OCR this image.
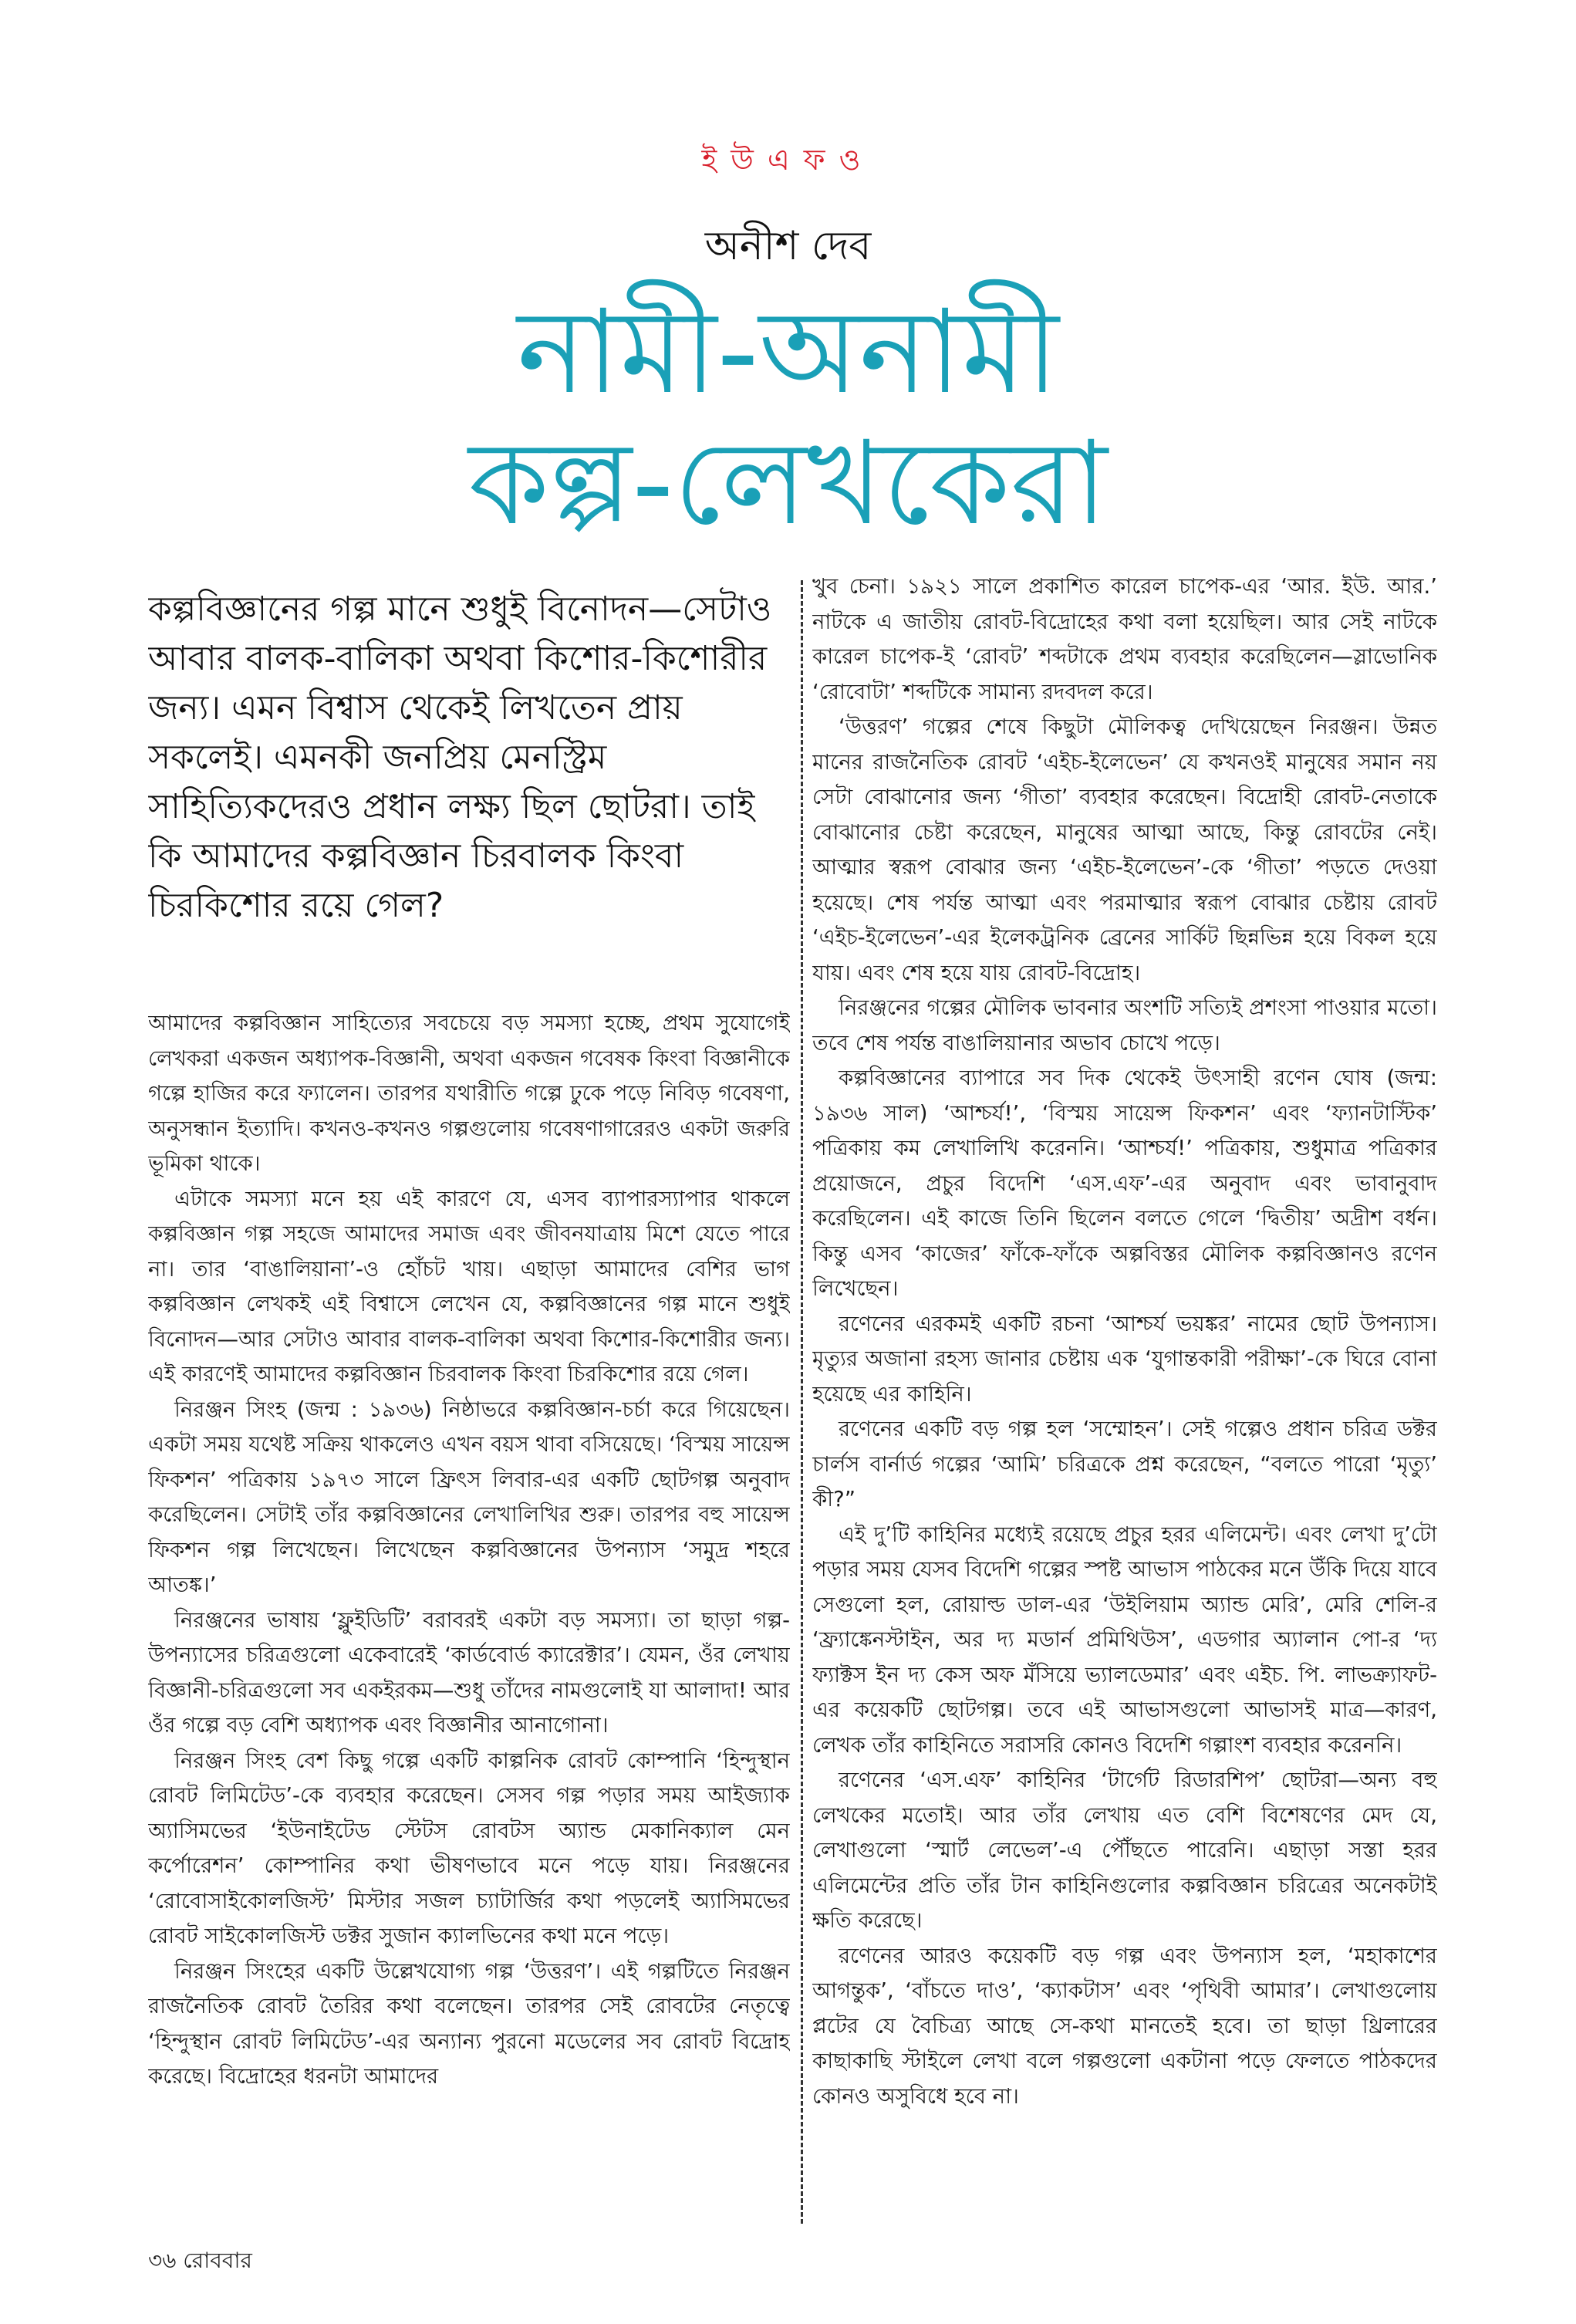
ইউএফও
অনীশ দেব
নামী-অনামী
কল্প-লেখকেরা
কল্পবিজ্ঞানের গল্প মানে শুধুই বিনোদন—সেটাও আবার বালক-বালিকা অথবা কিশোর-কিশোরীর জন্য। এমন বিশ্বাস থেকেই লিখতেন প্রায় সকলেই। এমনকী জনপ্রিয় মেনস্ট্রিম সাহিত্যিকদেরও প্রধান লক্ষ্য ছিল ছোটরা। তাই কি আমাদের কল্পবিজ্ঞান চিরবালক কিংবা চিরকিশোর রয়ে গেল?

আমাদের কল্পবিজ্ঞান সাহিত্যের সবচেয়ে বড় সমস্যা হচ্ছে, প্রথম সুযোগেই লেখকরা একজন অধ্যাপক-বিজ্ঞানী, অথবা একজন গবেষক কিংবা বিজ্ঞানীকে গল্পে হাজির করে ফ্যালেন। তারপর যথারীতি গল্পে ঢুকে পড়ে নিবিড় গবেষণা, অনুসন্ধান ইত্যাদি। কখনও-কখনও গল্পগুলোয় গবেষণাগারেরও একটা জরুরি ভূমিকা থাকে।

এটাকে সমস্যা মনে হয় এই কারণে যে, এসব ব্যাপারস্যাপার থাকলে কল্পবিজ্ঞান গল্প সহজে আমাদের সমাজ এবং জীবনযাত্রায় মিশে যেতে পারে না। তার ‘বাঙালিয়ানা’-ও হোঁচট খায়। এছাড়া আমাদের বেশির ভাগ কল্পবিজ্ঞান লেখকই এই বিশ্বাসে লেখেন যে, কল্পবিজ্ঞানের গল্প মানে শুধুই বিনোদন—আর সেটাও আবার বালক-বালিকা অথবা কিশোর-কিশোরীর জন্য। এই কারণেই আমাদের কল্পবিজ্ঞান চিরবালক কিংবা চিরকিশোর রয়ে গেল।

নিরঞ্জন সিংহ (জন্ম : ১৯৩৬) নিষ্ঠাভরে কল্পবিজ্ঞান-চর্চা করে গিয়েছেন। একটা সময় যথেষ্ট সক্রিয় থাকলেও এখন বয়স থাবা বসিয়েছে। ‘বিস্ময় সায়েন্স ফিকশন’ পত্রিকায় ১৯৭৩ সালে ফ্রিৎস লিবার-এর একটি ছোটগল্প অনুবাদ করেছিলেন। সেটাই তাঁর কল্পবিজ্ঞানের লেখালিখির শুরু। তারপর বহু সায়েন্স ফিকশন গল্প লিখেছেন। লিখেছেন কল্পবিজ্ঞানের উপন্যাস ‘সমুদ্র শহরে আতঙ্ক।’

নিরঞ্জনের ভাষায় ‘ফ্লুইডিটি’ বরাবরই একটা বড় সমস্যা। তা ছাড়া গল্প-উপন্যাসের চরিত্রগুলো একেবারেই ‘কার্ডবোর্ড ক্যারেক্টার’। যেমন, ওঁর লেখায় বিজ্ঞানী-চরিত্রগুলো সব একইরকম—শুধু তাঁদের নামগুলোই যা আলাদা! আর ওঁর গল্পে বড় বেশি অধ্যাপক এবং বিজ্ঞানীর আনাগোনা।

নিরঞ্জন সিংহ বেশ কিছু গল্পে একটি কাল্পনিক রোবট কোম্পানি ‘হিন্দুস্থান রোবট লিমিটেড’-কে ব্যবহার করেছেন। সেসব গল্প পড়ার সময় আইজ্যাক অ্যাসিমভের ‘ইউনাইটেড স্টেটস রোবটস অ্যান্ড মেকানিক্যাল মেন কর্পোরেশন’ কোম্পানির কথা ভীষণভাবে মনে পড়ে যায়। নিরঞ্জনের ‘রোবোসাইকোলজিস্ট’ মিস্টার সজল চ্যাটার্জির কথা পড়লেই অ্যাসিমভের রোবট সাইকোলজিস্ট ডক্টর সুজান ক্যালভিনের কথা মনে পড়ে।

নিরঞ্জন সিংহের একটি উল্লেখযোগ্য গল্প ‘উত্তরণ’। এই গল্পটিতে নিরঞ্জন রাজনৈতিক রোবট তৈরির কথা বলেছেন। তারপর সেই রোবটের নেতৃত্বে ‘হিন্দুস্থান রোবট লিমিটেড’-এর অন্যান্য পুরনো মডেলের সব রোবট বিদ্রোহ করেছে। বিদ্রোহের ধরনটা আমাদের

খুব চেনা। ১৯২১ সালে প্রকাশিত কারেল চাপেক-এর ‘আর. ইউ. আর.’ নাটকে এ জাতীয় রোবট-বিদ্রোহের কথা বলা হয়েছিল। আর সেই নাটকে কারেল চাপেক-ই ‘রোবট’ শব্দটাকে প্রথম ব্যবহার করেছিলেন—স্লাভোনিক ‘রোবোটা’ শব্দটিকে সামান্য রদবদল করে।

‘উত্তরণ’ গল্পের শেষে কিছুটা মৌলিকত্ব দেখিয়েছেন নিরঞ্জন। উন্নত মানের রাজনৈতিক রোবট ‘এইচ-ইলেভেন’ যে কখনওই মানুষের সমান নয় সেটা বোঝানোর জন্য ‘গীতা’ ব্যবহার করেছেন। বিদ্রোহী রোবট-নেতাকে বোঝানোর চেষ্টা করেছেন, মানুষের আত্মা আছে, কিন্তু রোবটের নেই। আত্মার স্বরূপ বোঝার জন্য ‘এইচ-ইলেভেন’-কে ‘গীতা’ পড়তে দেওয়া হয়েছে। শেষ পর্যন্ত আত্মা এবং পরমাত্মার স্বরূপ বোঝার চেষ্টায় রোবট ‘এইচ-ইলেভেন’-এর ইলেকট্রনিক ব্রেনের সার্কিট ছিন্নভিন্ন হয়ে বিকল হয়ে যায়। এবং শেষ হয়ে যায় রোবট-বিদ্রোহ।

নিরঞ্জনের গল্পের মৌলিক ভাবনার অংশটি সত্যিই প্রশংসা পাওয়ার মতো। তবে শেষ পর্যন্ত বাঙালিয়ানার অভাব চোখে পড়ে।

কল্পবিজ্ঞানের ব্যাপারে সব দিক থেকেই উৎসাহী রণেন ঘোষ (জন্ম: ১৯৩৬ সাল) ‘আশ্চর্য!’, ‘বিস্ময় সায়েন্স ফিকশন’ এবং ‘ফ্যানটাস্টিক’ পত্রিকায় কম লেখালিখি করেননি। ‘আশ্চর্য!’ পত্রিকায়, শুধুমাত্র পত্রিকার প্রয়োজনে, প্রচুর বিদেশি ‘এস.এফ’-এর অনুবাদ এবং ভাবানুবাদ করেছিলেন। এই কাজে তিনি ছিলেন বলতে গেলে ‘দ্বিতীয়’ অদ্রীশ বর্ধন। কিন্তু এসব ‘কাজের’ ফাঁকে-ফাঁকে অল্পবিস্তর মৌলিক কল্পবিজ্ঞানও রণেন লিখেছেন।

রণেনের এরকমই একটি রচনা ‘আশ্চর্য ভয়ঙ্কর’ নামের ছোট উপন্যাস। মৃত্যুর অজানা রহস্য জানার চেষ্টায় এক ‘যুগান্তকারী পরীক্ষা’-কে ঘিরে বোনা হয়েছে এর কাহিনি।

রণেনের একটি বড় গল্প হল ‘সম্মোহন’। সেই গল্পেও প্রধান চরিত্র ডক্টর চার্লস বার্নার্ড গল্পের ‘আমি’ চরিত্রকে প্রশ্ন করেছেন, “বলতে পারো ‘মৃত্যু’ কী?”

এই দু’টি কাহিনির মধ্যেই রয়েছে প্রচুর হরর এলিমেন্ট। এবং লেখা দু’টো পড়ার সময় যেসব বিদেশি গল্পের স্পষ্ট আভাস পাঠকের মনে উঁকি দিয়ে যাবে সেগুলো হল, রোয়াল্ড ডাল-এর ‘উইলিয়াম অ্যান্ড মেরি’, মেরি শেলি-র ‘ফ্র্যাঙ্কেনস্টাইন, অর দ্য মডার্ন প্রমিথিউস’, এডগার অ্যালান পো-র ‘দ্য ফ্যাক্টস ইন দ্য কেস অফ মঁসিয়ে ভ্যালডেমার’ এবং এইচ. পি. লাভক্র্যাফট-এর কয়েকটি ছোটগল্প। তবে এই আভাসগুলো আভাসই মাত্র—কারণ, লেখক তাঁর কাহিনিতে সরাসরি কোনও বিদেশি গল্পাংশ ব্যবহার করেননি।

রণেনের ‘এস.এফ’ কাহিনির ‘টার্গেট রিডারশিপ’ ছোটরা—অন্য বহু লেখকের মতোই। আর তাঁর লেখায় এত বেশি বিশেষণের মেদ যে, লেখাগুলো ‘স্মার্ট লেভেল’-এ পৌঁছতে পারেনি। এছাড়া সস্তা হরর এলিমেন্টের প্রতি তাঁর টান কাহিনিগুলোর কল্পবিজ্ঞান চরিত্রের অনেকটাই ক্ষতি করেছে।

রণেনের আরও কয়েকটি বড় গল্প এবং উপন্যাস হল, ‘মহাকাশের আগন্তুক’, ‘বাঁচতে দাও’, ‘ক্যাকটাস’ এবং ‘পৃথিবী আমার’। লেখাগুলোয় প্লটের যে বৈচিত্র্য আছে সে-কথা মানতেই হবে। তা ছাড়া থ্রিলারের কাছাকাছি স্টাইলে লেখা বলে গল্পগুলো একটানা পড়ে ফেলতে পাঠকদের কোনও অসুবিধে হবে না।

৩৬ রোববার
